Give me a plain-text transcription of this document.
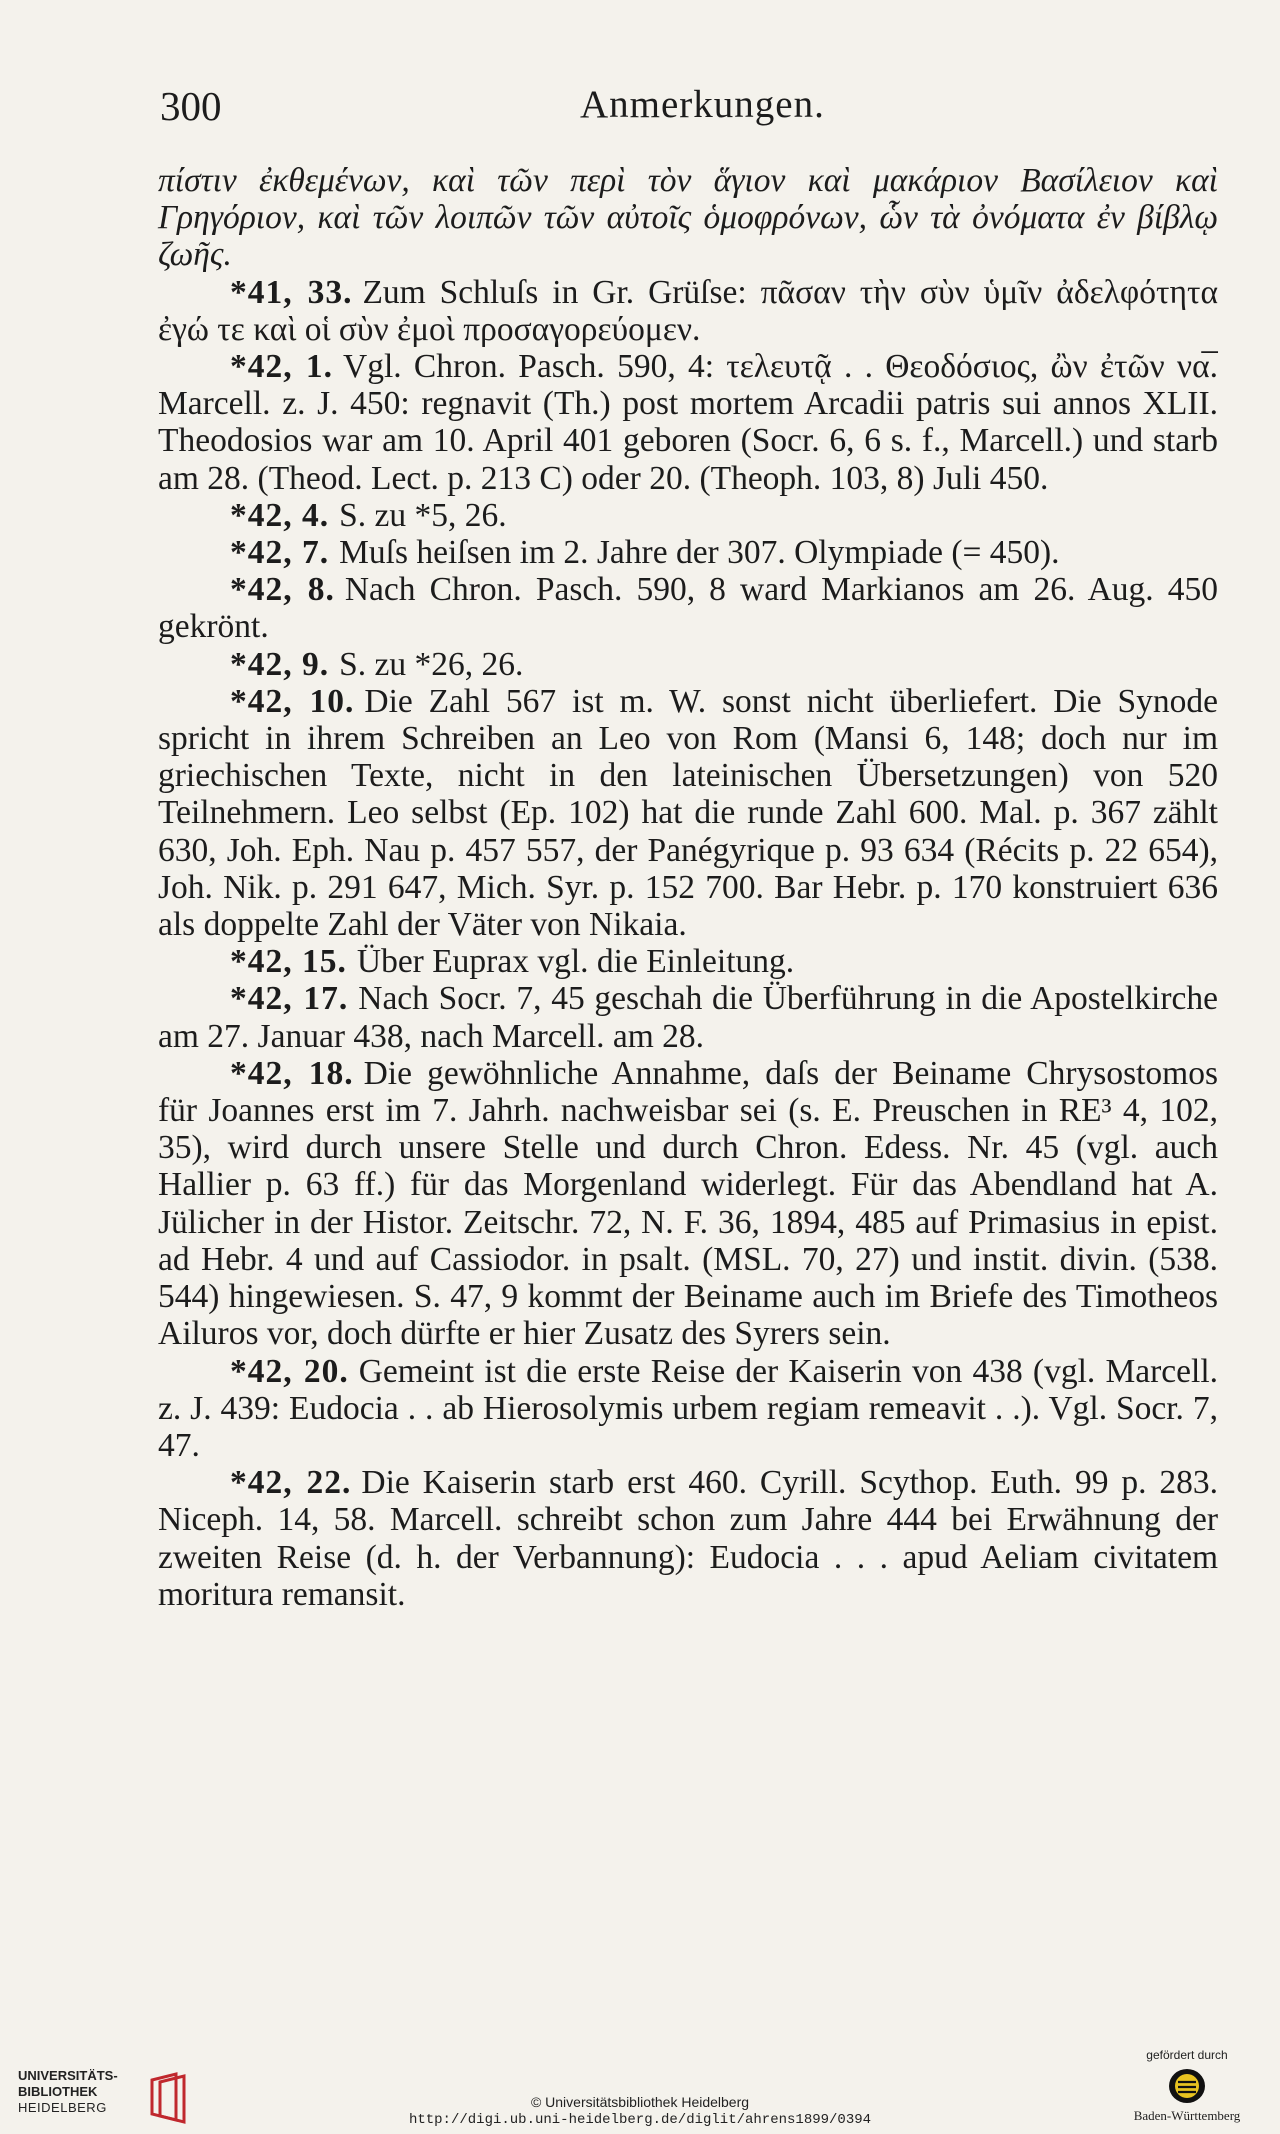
300	Anmerkungen.

πίστιν ἐκθεμένων, καὶ τῶν περὶ τὸν ἅγιον καὶ μακάριον Βασίλειον καὶ Γρηγόριον, καὶ τῶν λοιπῶν τῶν αὐτοῖς ὁμοφρόνων, ὧν τὰ ὀνόματα ἐν βίβλῳ ζωῆς.

*41, 33. Zum Schluſs in Gr. Grüſse: πᾶσαν τὴν σὺν ὑμῖν ἀδελφότητα ἐγώ τε καὶ οἱ σὺν ἐμοὶ προσαγορεύομεν.

*42, 1. Vgl. Chron. Pasch. 590, 4: τελευτᾷ . . Θεοδόσιος, ὢν ἐτῶν να̅. Marcell. z. J. 450: regnavit (Th.) post mortem Arcadii patris sui annos XLII. Theodosios war am 10. April 401 geboren (Socr. 6, 6 s. f., Marcell.) und starb am 28. (Theod. Lect. p. 213 C) oder 20. (Theoph. 103, 8) Juli 450.

*42, 4. S. zu *5, 26.

*42, 7. Muſs heiſsen im 2. Jahre der 307. Olympiade (= 450).

*42, 8. Nach Chron. Pasch. 590, 8 ward Markianos am 26. Aug. 450 gekrönt.

*42, 9. S. zu *26, 26.

*42, 10. Die Zahl 567 ist m. W. sonst nicht überliefert. Die Synode spricht in ihrem Schreiben an Leo von Rom (Mansi 6, 148; doch nur im griechischen Texte, nicht in den lateinischen Übersetzungen) von 520 Teilnehmern. Leo selbst (Ep. 102) hat die runde Zahl 600. Mal. p. 367 zählt 630, Joh. Eph. Nau p. 457 557, der Panégyrique p. 93 634 (Récits p. 22 654), Joh. Nik. p. 291 647, Mich. Syr. p. 152 700. Bar Hebr. p. 170 konstruiert 636 als doppelte Zahl der Väter von Nikaia.

*42, 15. Über Euprax vgl. die Einleitung.

*42, 17. Nach Socr. 7, 45 geschah die Überführung in die Apostelkirche am 27. Januar 438, nach Marcell. am 28.

*42, 18. Die gewöhnliche Annahme, daſs der Beiname Chrysostomos für Joannes erst im 7. Jahrh. nachweisbar sei (s. E. Preuschen in RE³ 4, 102, 35), wird durch unsere Stelle und durch Chron. Edess. Nr. 45 (vgl. auch Hallier p. 63 ff.) für das Morgenland widerlegt. Für das Abendland hat A. Jülicher in der Histor. Zeitschr. 72, N. F. 36, 1894, 485 auf Primasius in epist. ad Hebr. 4 und auf Cassiodor. in psalt. (MSL. 70, 27) und instit. divin. (538. 544) hingewiesen. S. 47, 9 kommt der Beiname auch im Briefe des Timotheos Ailuros vor, doch dürfte er hier Zusatz des Syrers sein.

*42, 20. Gemeint ist die erste Reise der Kaiserin von 438 (vgl. Marcell. z. J. 439: Eudocia . . ab Hierosolymis urbem regiam remeavit . .). Vgl. Socr. 7, 47.

*42, 22. Die Kaiserin starb erst 460. Cyrill. Scythop. Euth. 99 p. 283. Niceph. 14, 58. Marcell. schreibt schon zum Jahre 444 bei Erwähnung der zweiten Reise (d. h. der Verbannung): Eudocia . . . apud Aeliam civitatem moritura remansit.

UNIVERSITÄTS-
BIBLIOTHEK
HEIDELBERG	© Universitätsbibliothek Heidelberg
http://digi.ub.uni-heidelberg.de/diglit/ahrens1899/0394
gefördert durch
Baden-Württemberg
